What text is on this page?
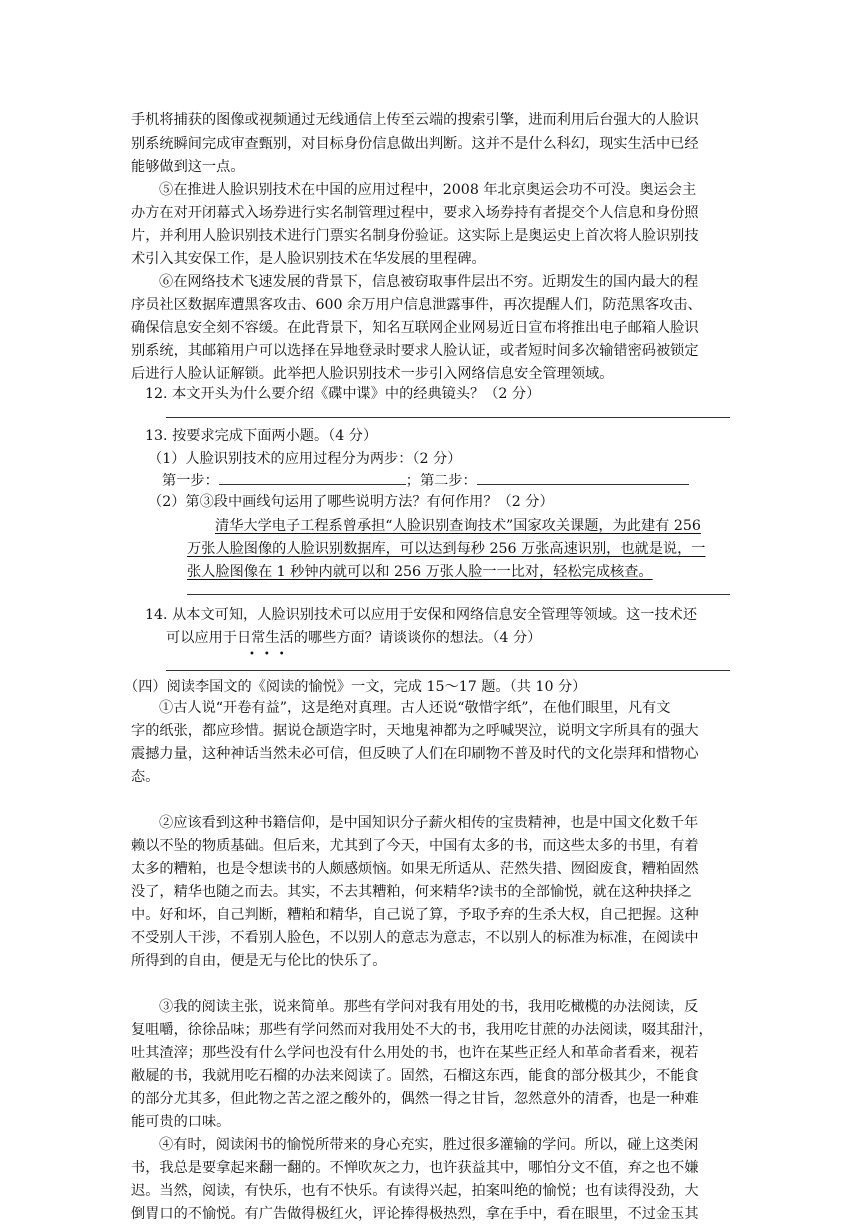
手机将捕获的图像或视频通过无线通信上传至云端的搜索引擎，进而利用后台强大的人脸识
别系统瞬间完成审查甄别，对目标身份信息做出判断。这并不是什么科幻，现实生活中已经
能够做到这一点。
⑤在推进人脸识别技术在中国的应用过程中，2008 年北京奥运会功不可没。奥运会主
办方在对开闭幕式入场券进行实名制管理过程中，要求入场券持有者提交个人信息和身份照
片，并利用人脸识别技术进行门票实名制身份验证。这实际上是奥运史上首次将人脸识别技
术引入其安保工作，是人脸识别技术在华发展的里程碑。
⑥在网络技术飞速发展的背景下，信息被窃取事件层出不穷。近期发生的国内最大的程
序员社区数据库遭黑客攻击、600 余万用户信息泄露事件，再次提醒人们，防范黑客攻击、
确保信息安全刻不容缓。在此背景下，知名互联网企业网易近日宣布将推出电子邮箱人脸识
别系统，其邮箱用户可以选择在异地登录时要求人脸认证，或者短时间多次输错密码被锁定
后进行人脸认证解锁。此举把人脸识别技术一步引入网络信息安全管理领域。
12. 本文开头为什么要介绍《碟中谍》中的经典镜头？（2 分）
13. 按要求完成下面两小题。（4 分）
（1）人脸识别技术的应用过程分为两步：（2 分）
第一步：	；第二步：
（2）第③段中画线句运用了哪些说明方法？有何作用？（2 分）
清华大学电子工程系曾承担“人脸识别查询技术”国家攻关课题，为此建有 256
万张人脸图像的人脸识别数据库，可以达到每秒 256 万张高速识别，也就是说，一
张人脸图像在 1 秒钟内就可以和 256 万张人脸一一比对，轻松完成核查。
14. 从本文可知，人脸识别技术可以应用于安保和网络信息安全管理等领域。这一技术还
可以应用于日常生活的哪些方面？请谈谈你的想法。（4 分）
•••
（四）阅读李国文的《阅读的愉悦》一文，完成 15～17 题。（共 10 分）
①古人说“开卷有益”，这是绝对真理。古人还说“敬惜字纸”，在他们眼里，凡有文
字的纸张，都应珍惜。据说仓颉造字时，天地鬼神都为之呼喊哭泣，说明文字所具有的强大
震撼力量，这种神话当然未必可信，但反映了人们在印刷物不普及时代的文化崇拜和惜物心
态。
②应该看到这种书籍信仰，是中国知识分子薪火相传的宝贵精神，也是中国文化数千年
赖以不坠的物质基础。但后来，尤其到了今天，中国有太多的书，而这些太多的书里，有着
太多的糟粕，也是令想读书的人颇感烦恼。如果无所适从、茫然失措、囫囵废食，糟粕固然
没了，精华也随之而去。其实，不去其糟粕，何来精华?读书的全部愉悦，就在这种抉择之
中。好和坏，自己判断，糟粕和精华，自己说了算，予取予弃的生杀大权，自己把握。这种
不受别人干涉，不看别人脸色，不以别人的意志为意志，不以别人的标准为标准，在阅读中
所得到的自由，便是无与伦比的快乐了。
③我的阅读主张，说来简单。那些有学问对我有用处的书，我用吃橄榄的办法阅读，反
复咀嚼，徐徐品味；那些有学问然而对我用处不大的书，我用吃甘蔗的办法阅读，啜其甜汁，
吐其渣滓；那些没有什么学问也没有什么用处的书，也许在某些正经人和革命者看来，视若
敝屣的书，我就用吃石榴的办法来阅读了。固然，石榴这东西，能食的部分极其少，不能食
的部分尤其多，但此物之苦之涩之酸外的，偶然一得之甘旨，忽然意外的清香，也是一种难
能可贵的口味。
④有时，阅读闲书的愉悦所带来的身心充实，胜过很多灌输的学问。所以，碰上这类闲
书，我总是要拿起来翻一翻的。不惮吹灰之力，也许获益其中，哪怕分文不值，弃之也不嫌
迟。当然，阅读，有快乐，也有不快乐。有读得兴起，拍案叫绝的愉悦；也有读得没劲，大
倒胃口的不愉悦。有广告做得极红火，评论捧得极热烈，拿在手中，看在眼里，不过金玉其
